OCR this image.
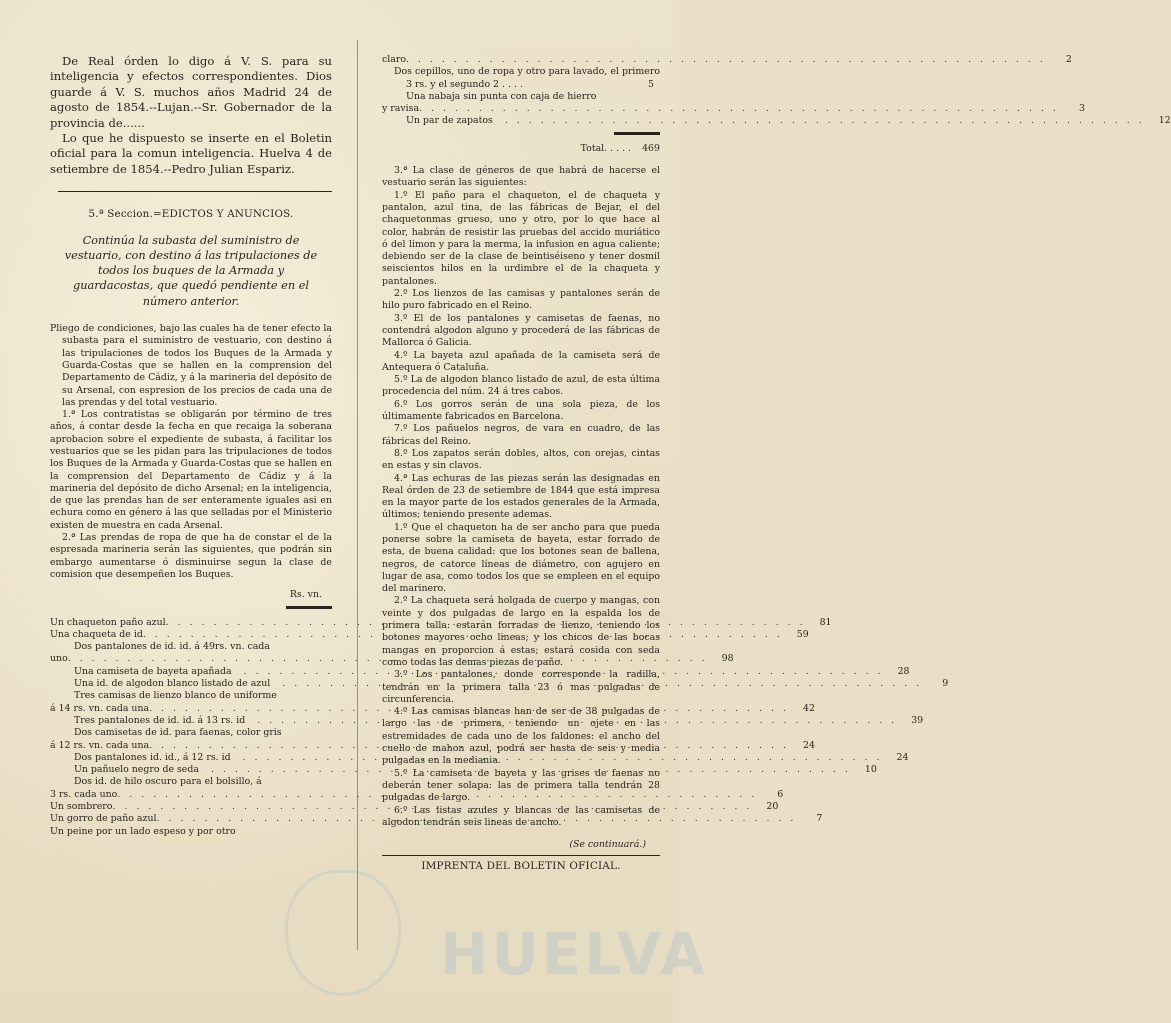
HUELVA

De Real órden lo digo á V. S. para su inteligencia y efectos correspondientes. Dios guarde á V. S. muchos años Madrid 24 de agosto de 1854.--Lujan.--Sr. Gobernador de la provincia de......

Lo que he dispuesto se inserte en el Boletin oficial para la comun inteligencia. Huelva 4 de setiembre de 1854.--Pedro Julian Espariz.

5.ª Seccion.=EDICTOS Y ANUNCIOS.
Continúa la subasta del suministro de vestuario, con destino á las tripulaciones de todos los buques de la Armada y guardacostas, que quedó pendiente en el número anterior.

Pliego de condiciones, bajo las cuales ha de tener efecto la subasta para el suministro de vestuario, con destino á las tripulaciones de todos los Buques de la Armada y Guarda-Costas que se hallen en la comprension del Departamento de Cádiz, y á la marineria del depósito de su Arsenal, con espresion de los precios de cada una de las prendas y del total vestuario.

1.ª Los contratistas se obligarán por término de tres años, á contar desde la fecha en que recaiga la soberana aprobacion sobre el expediente de subasta, á facilitar los vestuarios que se les pidan para las tripulaciones de todos los Buques de la Armada y Guarda-Costas que se hallen en la comprension del Departamento de Cádiz y á la marineria del depósito de dicho Arsenal; en la inteligencia, de que las prendas han de ser enteramente iguales asi en echura como en género á las que selladas por el Ministerio existen de muestra en cada Arsenal.

2.ª Las prendas de ropa de que ha de constar el de la espresada marineria serán las siguientes, que podrán sin embargo aumentarse ó disminuirse segun la clase de comision que desempeñen los Buques.

Rs. vn.
Un chaqueton paño azul . . .	81
Una chaqueta de id . . .	59
Dos pantalones de id. id. á 49rs. vn. cada
uno . . .	98
Una camiseta de bayeta apañada . . .	28
Una id. de algodon blanco listado de azul . . .	9
Tres camisas de lienzo blanco de uniforme
á 14 rs. vn. cada una . . .	42
Tres pantalones de id. id. á 13 rs. id . . .	39
Dos camisetas de id. para faenas, color gris
á 12 rs. vn. cada una . . .	24
Dos pantalones id. id., á 12 rs. id . . .	24
Un pañuelo negro de seda . . .	10
Dos id. de hilo oscuro para el bolsillo, á
3 rs. cada uno . . .	6
Un sombrero . . .	20
Un gorro de paño azul . . .	7
Un peine por un lado espeso y por otro
claro . . .	2

Dos cepillos, uno de ropa y otro para lavado, el primero 3 rs. y el segundo 2 . . . .	5

Una nabaja sin punta con caja de hierro
y ravisa . . .	3
Un par de zapatos . . .	12
Total. . . . . 469

3.ª La clase de géneros de que habrá de hacerse el vestuario serán las siguientes:

1.º El paño para el chaqueton, el de chaqueta y pantalon, azul tina, de las fábricas de Bejar, el del chaquetonmas grueso, uno y otro, por lo que hace al color, habrán de resistir las pruebas del accido muriático ó del limon y para la merma, la infusion en agua caliente; debiendo ser de la clase de beintiséiseno y tener dosmil seiscientos hilos en la urdimbre el de la chaqueta y pantalones.

2.º Los lienzos de las camisas y pantalones serán de hilo puro fabricado en el Reino.

3.º El de los pantalones y camisetas de faenas, no contendrá algodon alguno y procederá de las fábricas de Mallorca ó Galicia.

4.º La bayeta azul apañada de la camiseta será de Antequera ó Cataluña.

5.º La de algodon blanco listado de azul, de esta última procedencia del núm. 24 á tres cabos.

6.º Los gorros serán de una sola pieza, de los últimamente fabricados en Barcelona.

7.º Los pañuelos negros, de vara en cuadro, de las fábricas del Reino.

8.º Los zapatos serán dobles, altos, con orejas, cintas en estas y sin clavos.

4.ª Las echuras de las piezas serán las designadas en Real órden de 23 de setiembre de 1844 que está impresa en la mayor parte de los estados generales de la Armada, últimos; teniendo presente ademas.

1.º Que el chaqueton ha de ser ancho para que pueda ponerse sobre la camiseta de bayeta, estar forrado de esta, de buena calidad: que los botones sean de ballena, negros, de catorce líneas de diámetro, con agujero en lugar de asa, como todos los que se empleen en el equipo del marinero.

2.º La chaqueta será holgada de cuerpo y mangas, con veinte y dos pulgadas de largo en la espalda los de primera talla: estarán forradas de lienzo, teniendo los botones mayores ocho lineas, y los chicos de las bocas mangas en proporcion á estas; estará cosida con seda como todas las demas piezas de paño.

3.º Los pantalones, donde corresponde la radilla, tendrán en la primera talla 23 ó mas pulgadas de circunferencia.

4.º Las camisas blancas han de ser de 38 pulgadas de largo las de primera, teniendo un ojete en las estremidades de cada uno de los faldones: el ancho del cuello de mahon azul, podrá ser hasta de seis y media pulgadas en la mediania.

5.º La camiseta de bayeta y las grises de faenas no deberán tener solapa: las de primera talla tendrán 28 pulgadas de largo.

6.º Las listas azules y blancas de las camisetas de algodon tendrán seis lineas de ancho.

(Se continuará.)
IMPRENTA DEL BOLETIN OFICIAL.
